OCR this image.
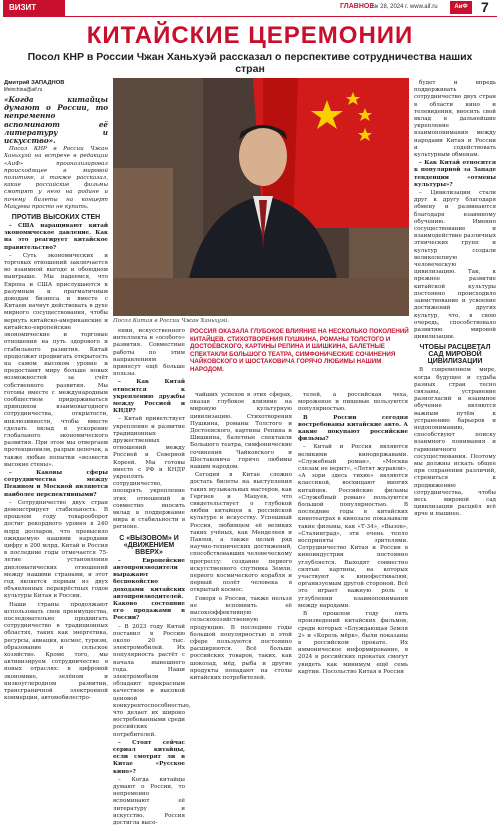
ВИЗИТ	ГЛАВНОЕ
№ 28, 2024 г. www.aif.ru	АиФ 7
КИТАЙСКИЕ ЦЕРЕМОНИИ

Посол КНР в России Чжан Ханьхуэй рассказал о перспективе сотрудничества наших стран

Дмитрий ЗАПАДНОВ
lifeinchina@aif.ru

«Когда китайцы думают о России, то непременно вспоминают её литературу и искусство».

Посол КНР в России Чжан Ханьхуэй на встрече в редакции «АиФ» проанализировал происходящее в мировой политике, а также рассказал, какие российские фильмы смотрят у него на родине и почему билеты на концерт Мацуева просто не купить.

ПРОТИВ ВЫСОКИХ СТЕН

– США наращивают китай экономическое давление. Как на это реагирует китайское правительство?

– Суть экономических и торговых отношений заключается во взаимной выгоде и обоюдном выигрыше. Мы надеемся, что Европа и США прислушаются к разумным и прагматичным доводам бизнеса и вместе с Китаем начнут действовать в духе мирного сосуществования, чтобы вернуть китайско-американские и китайско-европейские экономические и торговые отношения на путь здорового и стабильного развития. Китай продолжит продвигать открытость на самом высоком уровне и предоставит миру больше новых возможностей за счёт собственного развития. Мы готовы вместе с международным сообществом придерживаться принципов взаимовыгодного сотрудничества, открытости, инклюзивности, чтобы вместе сделать вклад в ускорение глобального экономического развития. При этом мы отвергаем протекционизм, разрыв цепочек, а также любые попытки «возвести высокие стены».

– Каковы сферы сотрудничества между Пекином и Москвой являются наиболее перспективными?

– Сотрудничество двух стран демонстрирует стабильность. В прошлом году товарооборот достиг рекордного уровня в 240 млрд долларов, что превысило ожидаемую нашими народами цифру в 200 млрд. Китай и Россия в последние годы отмечается 75-летие установления дипломатических отношений между нашими странами, и этот год является первым из двух объявленных перекрёстных годов культуры Китая и России.

Наши страны продолжают использовать свои преимущества, последовательно продвигать сотрудничество в традиционных областях, таких как энергетика, ресурсы, авиация, космос, туризм, образование и сельское хозяйство. Кроме того, мы активизируем сотрудничество в новых отраслях: в цифровой экономике, зелёном и низкоуглеродном развитии, трансграничной электронной коммерции, автомобилестро-

Посол Китая в России Чжан Ханьхуэй.

ении, искусственного интеллекта и «особого» развития. Совместные работы по этим направлениям принесут ещё больше пользы.

– Как Китай относится к укреплению дружбы между Россией и КНДР?

– Китай приветствует укрепление и развитие традиционных дружественных отношений между Россией и Северной Кореей. Мы готовы вместе с РФ и КНДР укреплять сотрудничество, поощрять укрепление этих отношений и совместно вносить вклад в поддержание мира и стабильности в регионе.

С «ВЫЗОВОМ» И «ДВИЖЕНИЕМ ВВЕРХ»

– Европейские автопроизводители выражают беспокойство доходами китайских автопроизводителей. Каково состояние его продажами в России?

– В 2023 году Китай поставил в Россию около 20 тыс. электромобилей. Их популярность растёт с начала нынешнего года. Наши электромобили обладают прекрасным качеством и высокой ценовой конкурентоспособностью, что делает их широко востребованными среди российских потребителей.

– Стоят сейчас сериал китайцы, если смотрят ли в Китае «Русское кино»?

– Когда китайцы думают о России, то непременно вспоминают её литературу и искусство. Россия достигла высо-

РОССИЯ ОКАЗАЛА ГЛУБОКОЕ ВЛИЯНИЕ НА НЕСКОЛЬКО ПОКОЛЕНИЙ КИТАЙЦЕВ. СТИХОТВОРЕНИЯ ПУШКИНА, РОМАНЫ ТОЛСТОГО И ДОСТОЕВСКОГО, КАРТИНЫ РЕПИНА И ШИШКИНА, БАЛЕТНЫЕ СПЕКТАКЛИ БОЛЬШОГО ТЕАТРА, СИМФОНИЧЕСКИЕ СОЧИНЕНИЯ ЧАЙКОВСКОГО И ШОСТАКОВИЧА ГОРЯЧО ЛЮБИМЫ НАШИМ НАРОДОМ.

чайших успехов в этих сферах, оказав глубокое влияние на мировую культурную цивилизацию. Стихотворения Пушкина, романы Толстого и Достоевского, картины Репина и Шишкина, балетные спектакли Большого театра, симфонические сочинения Чайковского и Шостаковича горячо любимы нашим народом.

Сегодня в Китае сложно достать билеты на выступления таких музыкальных мастеров, как Гергиев и Мацуев, что свидетельствует о глубокой любви китайцев к российской культуре и искусству. Успешный Россия, любимцем её великих таких учёных, как Менделеев и Павлов, а также целый ряд научно-технических достижений, способствовавших человеческому прогрессу: создание первого искусственного спутника Земли, первого космического корабля и первый полёт человека в открытый космос.

Говоря о России, также нельзя не вспомнить её высокоэффективную сельскохозяйственную продукцию. В последние годы большой популярностью в этой сфере пользуются постоянно расширяются. Всё больше российских товаров, таких, как шоколад, мёд, рыба и другие продукты попадают на столы китайских потребителей.

телей, а российская чеха, мороженое и пищевые пользуются популярностью.

В России сегодня востребованы китайские авто. А какие покупают российские фильмы?

– Китай и Россия являются великими кинодержавами. «Служебный роман», «Москва слезам не верит», «Летят журавли», «А зори здесь тихие» являются классикой, восхищают многих китайцев. Российские фильмы «Служебный роман» пользуются большой популярностью. В последние годы в китайских кинотеатрах в кинозале показывали такие фильмы, как «Т-34», «Вызов», «Сталинград», эти очень тепло восприняты зрителями. Сотрудничество Китая и России в киноиндустрии постоянно углубляется. Выходят совместно снятые картины, на которых участвуют к кинофестивалям, организуемым другой стороной. Всё это играет важную роль в углублении взаимопонимания между народами.

В прошлом году пять произведений китайских фильмов, среди которых «Блуждающая Земля 2» и «Король мёрв», были показаны в российском прокате. Их иммоническое информирование, в 2024 в российских прокатах смогут увидеть как минимум ещё семь картин. Посольство Китая в России

будет и впредь поддерживать сотрудничество двух стран в области кино и телевидения, вносить свой вклад в дальнейшие укрепление взаимопонимания между народами Китая и России и содействовать культурным обменам.

– Как Китай относится к популярной за Западе тенденции «отмены культуры»?

– Цивилизации стали друг к другу благодаря обмену и развиваются благодаря взаимному обучению. Именно сосуществование и взаимодействие различных этнических групп и культур создали великолепную человеческую цивилизацию. Так, к прежнее развитие китайской культуры постоянно происходило заимствование и усвоение достижений других культур, что, в свою очередь, способствовало развитию мировой цивилизации.

ЧТОБЫ РАСЦВЕТАЛ САД МИРОВОЙ ЦИВИЛИЗАЦИИ

В современном мире, когда будущее и судьба разных стран тесно связаны, устранение разногласий и взаимное обучение являются важным путём к устранению барьеров и недопониманию, способствуют поиску взаимного понимания и гармоничного сосуществования. Поэтому мы должны искать общее при сохранении различий, стремиться к продвижению сотрудничества, чтобы весь мировой сад цивилизации расцвёл всё ярче и пышнее.
